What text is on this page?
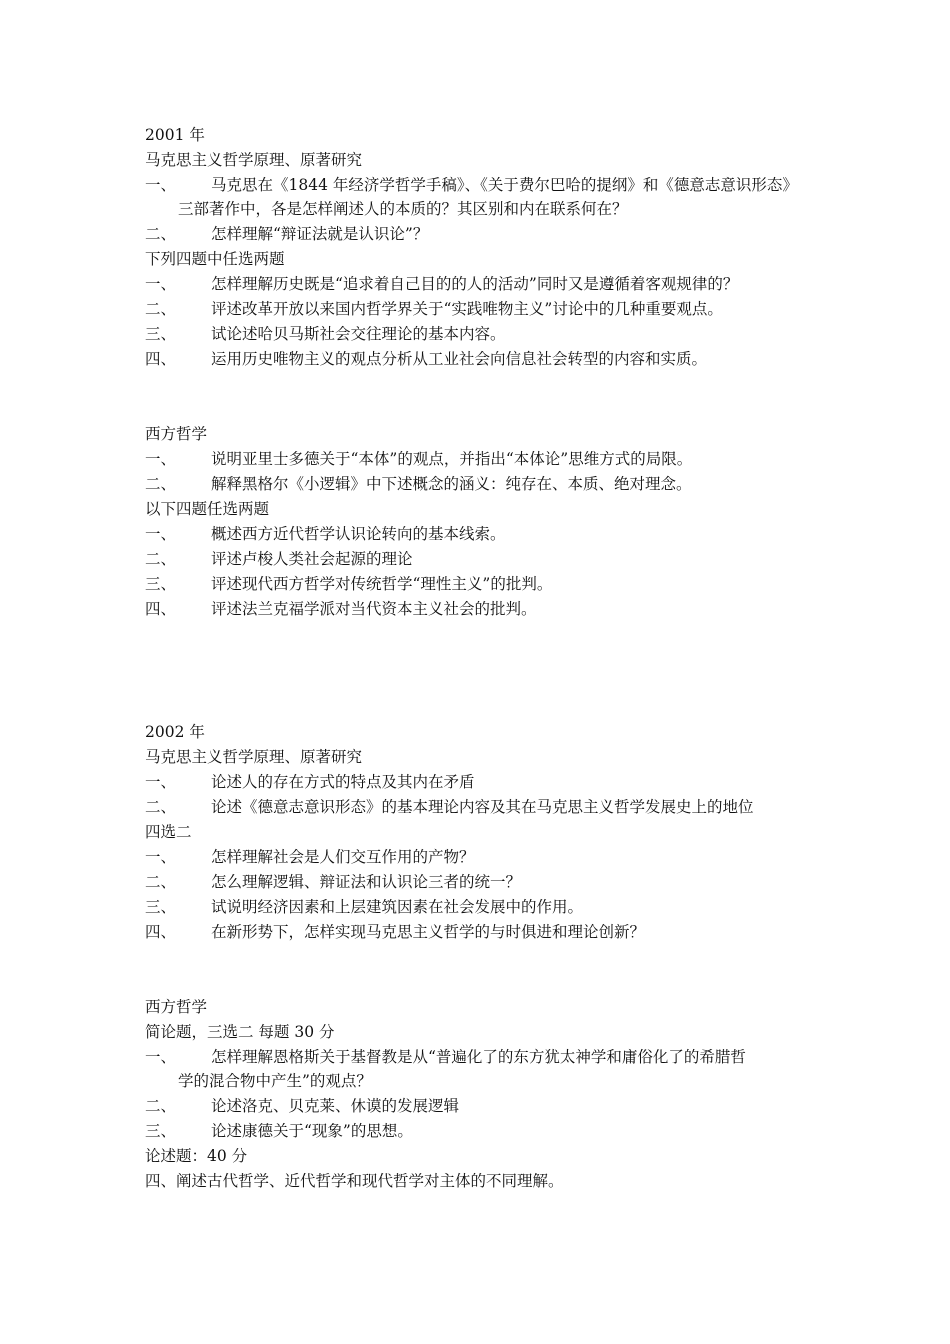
2001 年
马克思主义哲学原理、原著研究
一、	马克思在《1844 年经济学哲学手稿》、《关于费尔巴哈的提纲》和《德意志意识形态》
三部著作中，各是怎样阐述人的本质的？其区别和内在联系何在？
二、	怎样理解“辩证法就是认识论”？
下列四题中任选两题
一、	怎样理解历史既是“追求着自己目的的人的活动”同时又是遵循着客观规律的？
二、	评述改革开放以来国内哲学界关于“实践唯物主义”讨论中的几种重要观点。
三、	试论述哈贝马斯社会交往理论的基本内容。
四、	运用历史唯物主义的观点分析从工业社会向信息社会转型的内容和实质。
西方哲学
一、	说明亚里士多德关于“本体”的观点，并指出“本体论”思维方式的局限。
二、	解释黑格尔《小逻辑》中下述概念的涵义：纯存在、本质、绝对理念。
以下四题任选两题
一、	概述西方近代哲学认识论转向的基本线索。
二、	评述卢梭人类社会起源的理论
三、	评述现代西方哲学对传统哲学“理性主义”的批判。
四、	评述法兰克福学派对当代资本主义社会的批判。
2002 年
马克思主义哲学原理、原著研究
一、	论述人的存在方式的特点及其内在矛盾
二、	论述《德意志意识形态》的基本理论内容及其在马克思主义哲学发展史上的地位
四选二
一、	怎样理解社会是人们交互作用的产物？
二、	怎么理解逻辑、辩证法和认识论三者的统一？
三、	试说明经济因素和上层建筑因素在社会发展中的作用。
四、	在新形势下，怎样实现马克思主义哲学的与时俱进和理论创新？
西方哲学
简论题，三选二 每题 30 分
一、	怎样理解恩格斯关于基督教是从“普遍化了的东方犹太神学和庸俗化了的希腊哲
学的混合物中产生”的观点？
二、	论述洛克、贝克莱、休谟的发展逻辑
三、	论述康德关于“现象”的思想。
论述题：40 分
四、阐述古代哲学、近代哲学和现代哲学对主体的不同理解。
